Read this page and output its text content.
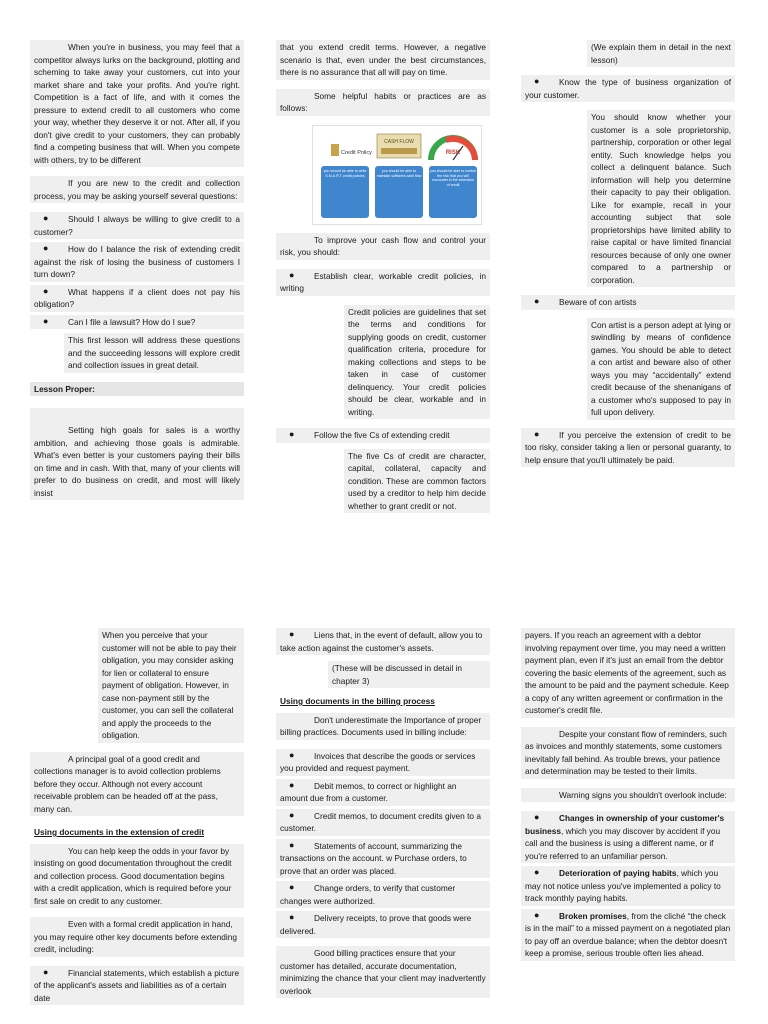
When you're in business, you may feel that a competitor always lurks on the background, plotting and scheming to take away your customers, cut into your market share and take your profits. And you're right. Competition is a fact of life, and with it comes the pressure to extend credit to all customers who come your way, whether they deserve it or not. After all, if you don't give credit to your customers, they can probably find a competing business that will. When you compete with others, try to be different
If you are new to the credit and collection process, you may be asking yourself several questions:
● Should I always be willing to give credit to a customer?
● How do I balance the risk of extending credit against the risk of losing the business of customers I turn down?
● What happens if a client does not pay his obligation?
● Can I file a lawsuit? How do I sue?
This first lesson will address these questions and the succeeding lessons will explore credit and collection issues in great detail.
Lesson Proper:
Setting high goals for sales is a worthy ambition, and achieving those goals is admirable. What's even better is your customers paying their bills on time and in cash. With that, many of your clients will prefer to do business on credit, and most will likely insist
that you extend credit terms. However, a negative scenario is that, even under the best circumstances, there is no assurance that all will pay on time.
Some helpful habits or practices are as follows:
Credit Policy
CASH FLOW
RISK
you should be able to write S.M.A.R.T credit policies
you should be able to maintain sufficient cash flow
you should be able to control the risk that you will encounter in the extension of credit
To improve your cash flow and control your risk, you should:
● Establish clear, workable credit policies, in writing
Credit policies are guidelines that set the terms and conditions for supplying goods on credit, customer qualification criteria, procedure for making collections and steps to be taken in case of customer delinquency. Your credit policies should be clear, workable and in writing.
● Follow the five Cs of extending credit
The five Cs of credit are character, capital, collateral, capacity and condition. These are common factors used by a creditor to help him decide whether to grant credit or not.
(We explain them in detail in the next lesson)
● Know the type of business organization of your customer.
You should know whether your customer is a sole proprietorship, partnership, corporation or other legal entity. Such knowledge helps you collect a delinquent balance. Such information will help you determine their capacity to pay their obligation. Like for example, recall in your accounting subject that sole proprietorships have limited ability to raise capital or have limited financial resources because of only one owner compared to a partnership or corporation.
● Beware of con artists
Con artist is a person adept at lying or swindling by means of confidence games. You should be able to detect a con artist and beware also of other ways you may “accidentally” extend credit because of the shenanigans of a customer who's supposed to pay in full upon delivery.
● If you perceive the extension of credit to be too risky, consider taking a lien or personal guaranty, to help ensure that you'll ultimately be paid.
When you perceive that your customer will not be able to pay their obligation, you may consider asking for lien or collateral to ensure payment of obligation. However, in case non-payment still by the customer, you can sell the collateral and apply the proceeds to the obligation.
A principal goal of a good credit and collections manager is to avoid collection problems before they occur. Although not every account receivable problem can be headed off at the pass, many can.
Using documents in the extension of credit
You can help keep the odds in your favor by insisting on good documentation throughout the credit and collection process. Good documentation begins with a credit application, which is required before your first sale on credit to any customer.
Even with a formal credit application in hand, you may require other key documents before extending credit, including:
● Financial statements, which establish a picture of the applicant's assets and liabilities as of a certain date
● Liens that, in the event of default, allow you to take action against the customer's assets.
(These will be discussed in detail in chapter 3)
Using documents in the billing process
Don't underestimate the Importance of proper billing practices. Documents used in billing include:
● Invoices that describe the goods or services you provided and request payment.
● Debit memos, to correct or highlight an amount due from a customer.
● Credit memos, to document credits given to a customer.
● Statements of account, summarizing the transactions on the account. w Purchase orders, to prove that an order was placed.
● Change orders, to verify that customer changes were authorized.
● Delivery receipts, to prove that goods were delivered.
Good billing practices ensure that your customer has detailed, accurate documentation, minimizing the chance that your client may inadvertently overlook
payers. If you reach an agreement with a debtor involving repayment over time, you may need a written payment plan, even if it's just an email from the debtor covering the basic elements of the agreement, such as the amount to be paid and the payment schedule. Keep a copy of any written agreement or confirmation in the customer's credit file.
Despite your constant flow of reminders, such as invoices and monthly statements, some customers inevitably fall behind. As trouble brews, your patience and determination may be tested to their limits.
Warning signs you shouldn't overlook include:
● Changes in ownership of your customer's business, which you may discover by accident if you call and the business is using a different name, or if you're referred to an unfamiliar person.
● Deterioration of paying habits, which you may not notice unless you've implemented a policy to track monthly paying habits.
● Broken promises, from the cliché “the check is in the mail” to a missed payment on a negotiated plan to pay off an overdue balance; when the debtor doesn't keep a promise, serious trouble often lies ahead.
